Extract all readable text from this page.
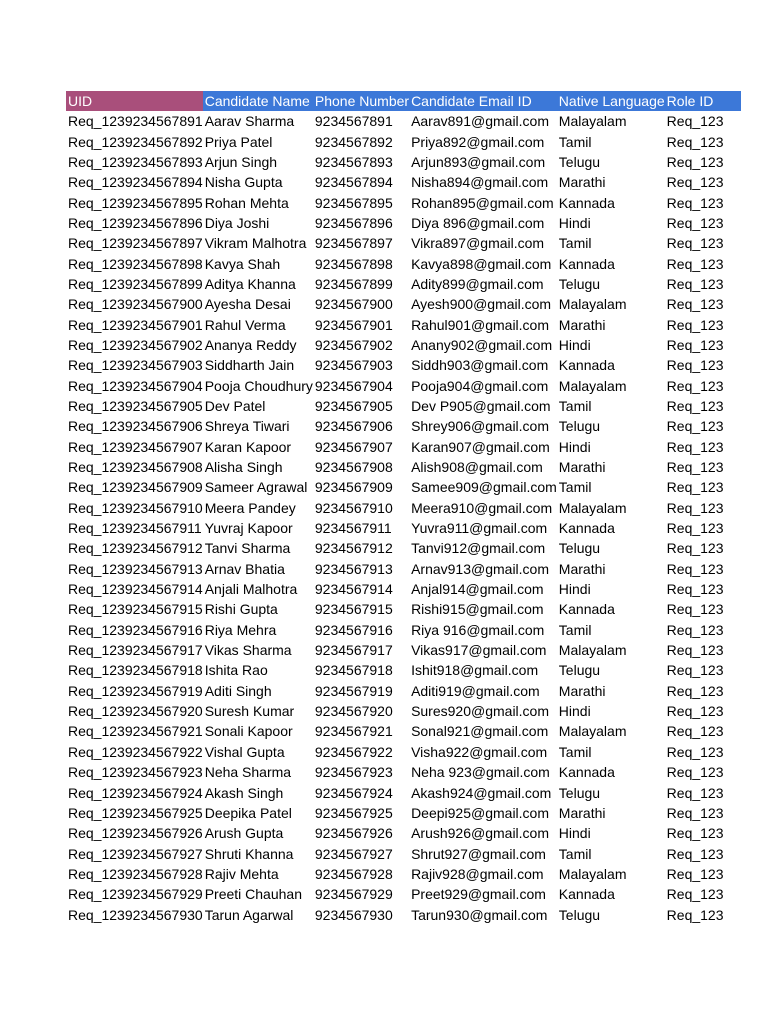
UID	Candidate Name	Phone Number	Candidate Email ID	Native Language	Role ID
Req_1239234567891	Aarav Sharma	9234567891	Aarav891@gmail.com	Malayalam	Req_123
Req_1239234567892	Priya Patel	9234567892	Priya892@gmail.com	Tamil	Req_123
Req_1239234567893	Arjun Singh	9234567893	Arjun893@gmail.com	Telugu	Req_123
Req_1239234567894	Nisha Gupta	9234567894	Nisha894@gmail.com	Marathi	Req_123
Req_1239234567895	Rohan Mehta	9234567895	Rohan895@gmail.com	Kannada	Req_123
Req_1239234567896	Diya Joshi	9234567896	Diya 896@gmail.com	Hindi	Req_123
Req_1239234567897	Vikram Malhotra	9234567897	Vikra897@gmail.com	Tamil	Req_123
Req_1239234567898	Kavya Shah	9234567898	Kavya898@gmail.com	Kannada	Req_123
Req_1239234567899	Aditya Khanna	9234567899	Adity899@gmail.com	Telugu	Req_123
Req_1239234567900	Ayesha Desai	9234567900	Ayesh900@gmail.com	Malayalam	Req_123
Req_1239234567901	Rahul Verma	9234567901	Rahul901@gmail.com	Marathi	Req_123
Req_1239234567902	Ananya Reddy	9234567902	Anany902@gmail.com	Hindi	Req_123
Req_1239234567903	Siddharth Jain	9234567903	Siddh903@gmail.com	Kannada	Req_123
Req_1239234567904	Pooja Choudhury	9234567904	Pooja904@gmail.com	Malayalam	Req_123
Req_1239234567905	Dev Patel	9234567905	Dev P905@gmail.com	Tamil	Req_123
Req_1239234567906	Shreya Tiwari	9234567906	Shrey906@gmail.com	Telugu	Req_123
Req_1239234567907	Karan Kapoor	9234567907	Karan907@gmail.com	Hindi	Req_123
Req_1239234567908	Alisha Singh	9234567908	Alish908@gmail.com	Marathi	Req_123
Req_1239234567909	Sameer Agrawal	9234567909	Samee909@gmail.com	Tamil	Req_123
Req_1239234567910	Meera Pandey	9234567910	Meera910@gmail.com	Malayalam	Req_123
Req_1239234567911	Yuvraj Kapoor	9234567911	Yuvra911@gmail.com	Kannada	Req_123
Req_1239234567912	Tanvi Sharma	9234567912	Tanvi912@gmail.com	Telugu	Req_123
Req_1239234567913	Arnav Bhatia	9234567913	Arnav913@gmail.com	Marathi	Req_123
Req_1239234567914	Anjali Malhotra	9234567914	Anjal914@gmail.com	Hindi	Req_123
Req_1239234567915	Rishi Gupta	9234567915	Rishi915@gmail.com	Kannada	Req_123
Req_1239234567916	Riya Mehra	9234567916	Riya 916@gmail.com	Tamil	Req_123
Req_1239234567917	Vikas Sharma	9234567917	Vikas917@gmail.com	Malayalam	Req_123
Req_1239234567918	Ishita Rao	9234567918	Ishit918@gmail.com	Telugu	Req_123
Req_1239234567919	Aditi Singh	9234567919	Aditi919@gmail.com	Marathi	Req_123
Req_1239234567920	Suresh Kumar	9234567920	Sures920@gmail.com	Hindi	Req_123
Req_1239234567921	Sonali Kapoor	9234567921	Sonal921@gmail.com	Malayalam	Req_123
Req_1239234567922	Vishal Gupta	9234567922	Visha922@gmail.com	Tamil	Req_123
Req_1239234567923	Neha Sharma	9234567923	Neha 923@gmail.com	Kannada	Req_123
Req_1239234567924	Akash Singh	9234567924	Akash924@gmail.com	Telugu	Req_123
Req_1239234567925	Deepika Patel	9234567925	Deepi925@gmail.com	Marathi	Req_123
Req_1239234567926	Arush Gupta	9234567926	Arush926@gmail.com	Hindi	Req_123
Req_1239234567927	Shruti Khanna	9234567927	Shrut927@gmail.com	Tamil	Req_123
Req_1239234567928	Rajiv Mehta	9234567928	Rajiv928@gmail.com	Malayalam	Req_123
Req_1239234567929	Preeti Chauhan	9234567929	Preet929@gmail.com	Kannada	Req_123
Req_1239234567930	Tarun Agarwal	9234567930	Tarun930@gmail.com	Telugu	Req_123
